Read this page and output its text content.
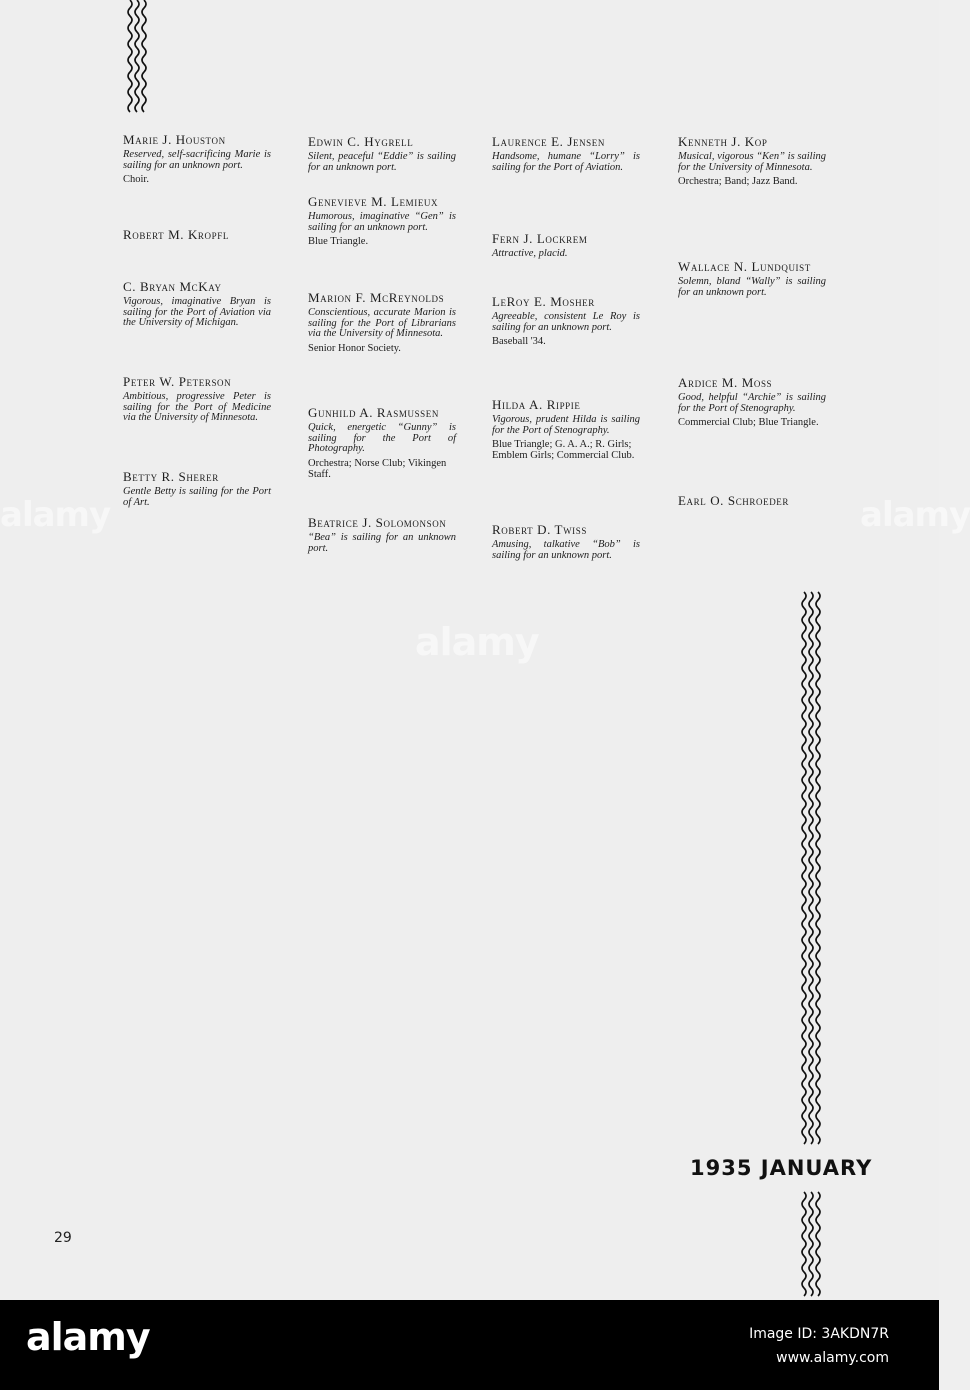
Marie J. Houston
Reserved, self-sacrificing Marie is sailing for an unknown port.
Choir.
Robert M. Kropfl
C. Bryan McKay
Vigorous, imaginative Bryan is sailing for the Port of Aviation via the University of Michigan.
Peter W. Peterson
Ambitious, progressive Peter is sailing for the Port of Medicine via the University of Minnesota.
Betty R. Sherer
Gentle Betty is sailing for the Port of Art.
Edwin C. Hygrell
Silent, peaceful “Eddie” is sailing for an unknown port.
Genevieve M. Lemieux
Humorous, imaginative “Gen” is sailing for an unknown port.
Blue Triangle.
Marion F. McReynolds
Conscientious, accurate Marion is sailing for the Port of Librarians via the University of Minnesota.
Senior Honor Society.
Gunhild A. Rasmussen
Quick, energetic “Gunny” is sailing for the Port of Photography.
Orchestra; Norse Club; Vikingen Staff.
Beatrice J. Solomonson
“Bea” is sailing for an unknown port.
Laurence E. Jensen
Handsome, humane “Lorry” is sailing for the Port of Aviation.
Fern J. Lockrem
Attractive, placid.
LeRoy E. Mosher
Agreeable, consistent Le Roy is sailing for an unknown port.
Baseball '34.
Hilda A. Rippie
Vigorous, prudent Hilda is sailing for the Port of Stenography.
Blue Triangle; G. A. A.; R. Girls; Emblem Girls; Commercial Club.
Robert D. Twiss
Amusing, talkative “Bob” is sailing for an unknown port.
Kenneth J. Kop
Musical, vigorous “Ken” is sailing for the University of Minnesota.
Orchestra; Band; Jazz Band.
Wallace N. Lundquist
Solemn, bland “Wally” is sailing for an unknown port.
Ardice M. Moss
Good, helpful “Archie” is sailing for the Port of Stenography.
Commercial Club; Blue Triangle.
Earl O. Schroeder
1935 JANUARY
29
alamy
alamy	alamy
alamy	Image ID: 3AKDN7R
www.alamy.com
